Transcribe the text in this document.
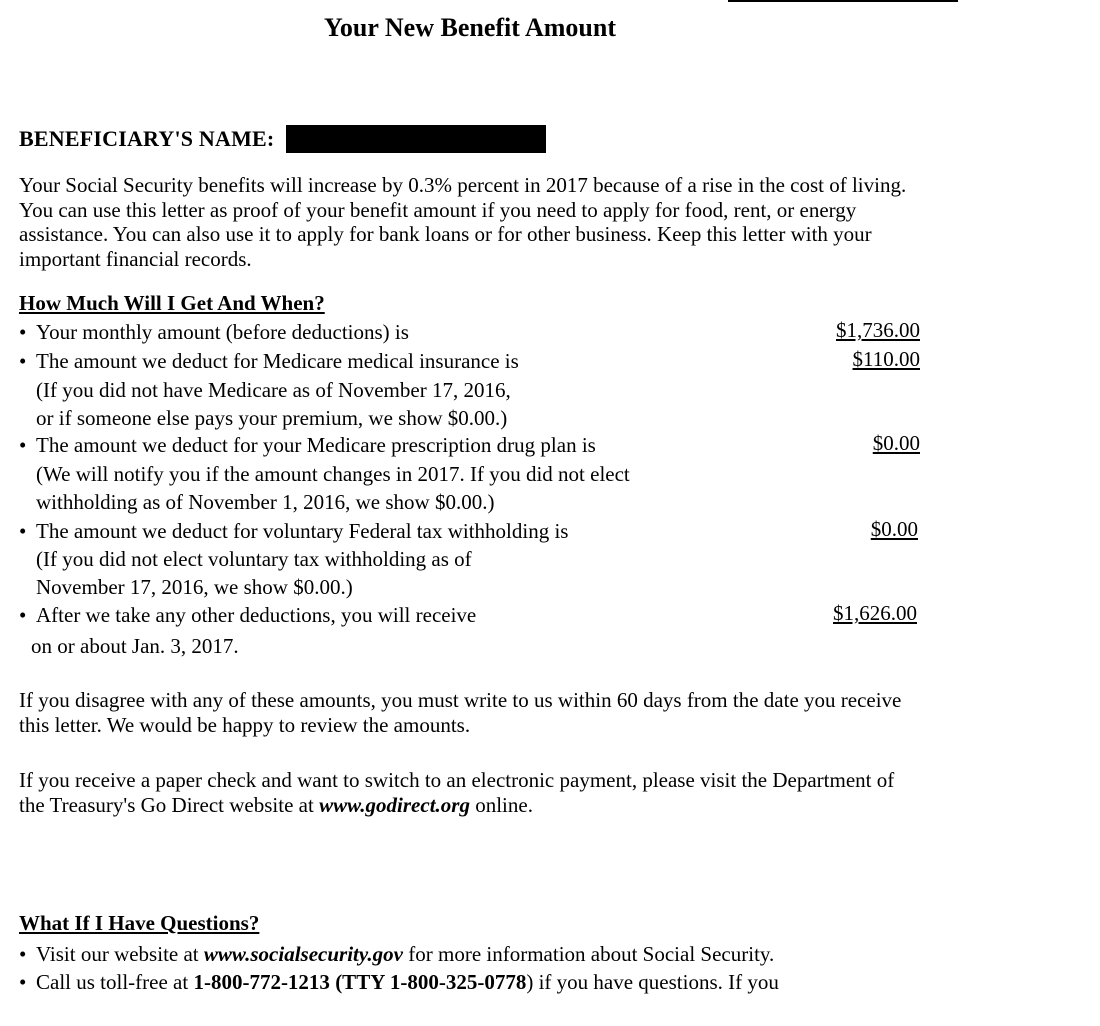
Your New Benefit Amount
BENEFICIARY'S NAME:
Your Social Security benefits will increase by 0.3% percent in 2017 because of a rise in the cost of living. You can use this letter as proof of your benefit amount if you need to apply for food, rent, or energy assistance. You can also use it to apply for bank loans or for other business. Keep this letter with your important financial records.
How Much Will I Get And When?
• Your monthly amount (before deductions) is	$1,736.00
• The amount we deduct for Medicare medical insurance is	$110.00
(If you did not have Medicare as of November 17, 2016,
or if someone else pays your premium, we show $0.00.)
• The amount we deduct for your Medicare prescription drug plan is	$0.00
(We will notify you if the amount changes in 2017. If you did not elect
withholding as of November 1, 2016, we show $0.00.)
• The amount we deduct for voluntary Federal tax withholding is	$0.00
(If you did not elect voluntary tax withholding as of
November 17, 2016, we show $0.00.)
• After we take any other deductions, you will receive	$1,626.00
on or about Jan. 3, 2017.
If you disagree with any of these amounts, you must write to us within 60 days from the date you receive this letter. We would be happy to review the amounts.
If you receive a paper check and want to switch to an electronic payment, please visit the Department of the Treasury's Go Direct website at www.godirect.org online.
What If I Have Questions?
• Visit our website at www.socialsecurity.gov for more information about Social Security.
• Call us toll-free at 1-800-772-1213 (TTY 1-800-325-0778) if you have questions. If you
